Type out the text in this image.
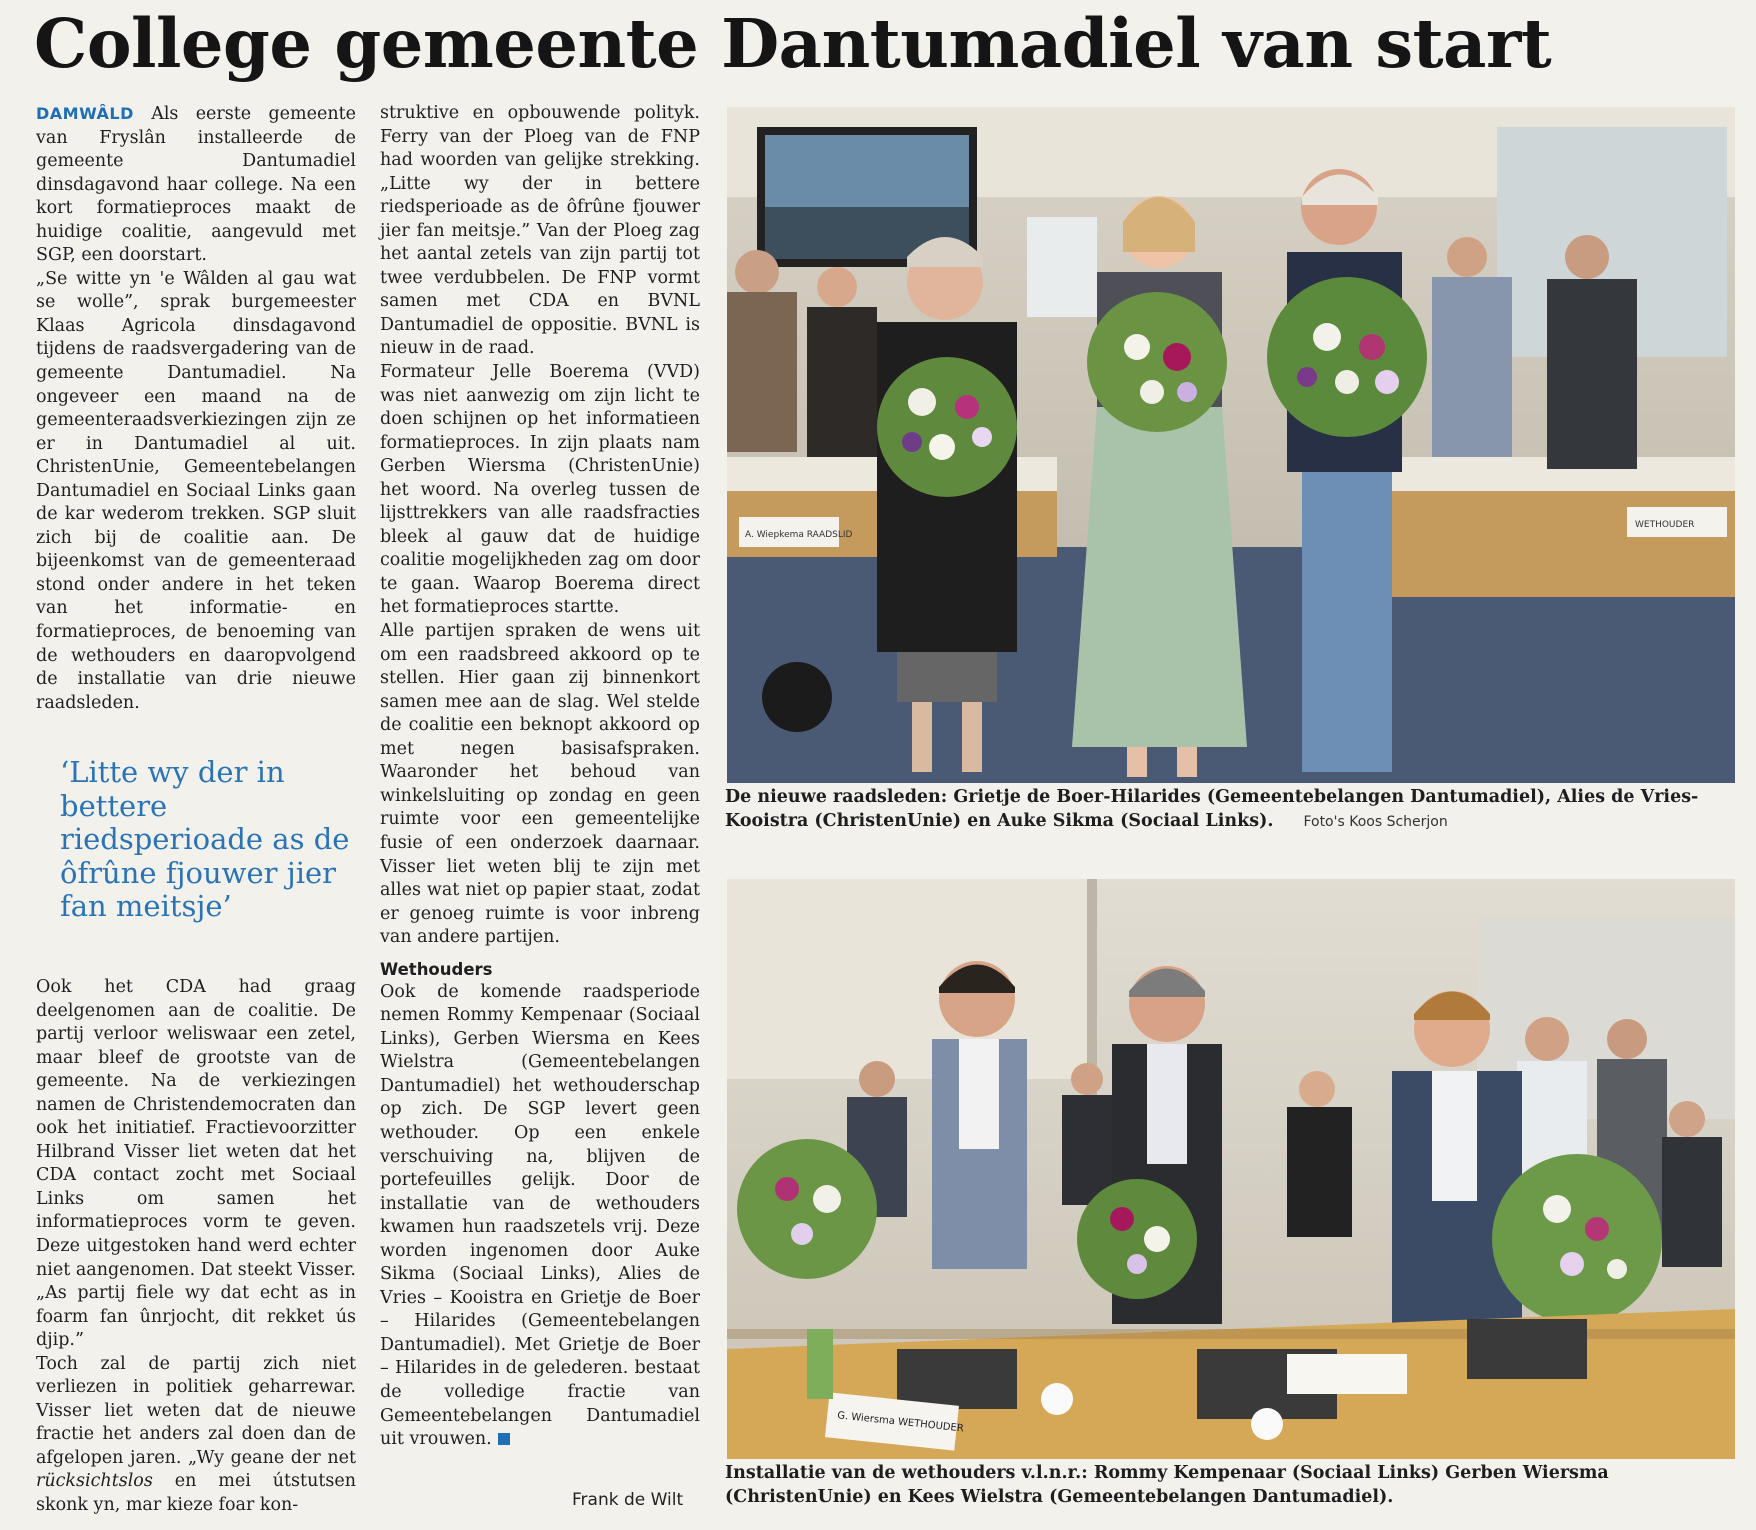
College gemeente Dantumadiel van start

DAMWÂLD Als eerste gemeente van Fryslân installeerde de gemeente Dantumadiel dinsdagavond haar college. Na een kort formatieproces maakt de huidige coalitie, aangevuld met SGP, een doorstart.

„Se witte yn 'e Wâlden al gau wat se wolle”, sprak burgemeester Klaas Agricola dinsdagavond tijdens de raadsvergadering van de gemeente Dantumadiel. Na ongeveer een maand na de gemeenteraadsverkiezingen zijn ze er in Dantumadiel al uit. ChristenUnie, Gemeentebelangen Dantumadiel en Sociaal Links gaan de kar wederom trekken. SGP sluit zich bij de coalitie aan. De bijeenkomst van de gemeenteraad stond onder andere in het teken van het informatie- en formatieproces, de benoeming van de wethouders en daaropvolgend de installatie van drie nieuwe raadsleden.

‘Litte wy der in bettere riedsperioade as de ôfrûne fjouwer jier fan meitsje’

Ook het CDA had graag deelgenomen aan de coalitie. De partij verloor weliswaar een zetel, maar bleef de grootste van de gemeente. Na de verkiezingen namen de Christendemocraten dan ook het initiatief. Fractievoorzitter Hilbrand Visser liet weten dat het CDA contact zocht met Sociaal Links om samen het informatieproces vorm te geven. Deze uitgestoken hand werd echter niet aangenomen. Dat steekt Visser. „As partij fiele wy dat echt as in foarm fan ûnrjocht, dit rekket ús djip.”

Toch zal de partij zich niet verliezen in politiek geharrewar. Visser liet weten dat de nieuwe fractie het anders zal doen dan de afgelopen jaren. „Wy geane der net rücksichtslos en mei útstutsen skonk yn, mar kieze foar kon-

struktive en opbouwende polityk. Ferry van der Ploeg van de FNP had woorden van gelijke strekking. „Litte wy der in bettere riedsperioade as de ôfrûne fjouwer jier fan meitsje.” Van der Ploeg zag het aantal zetels van zijn partij tot twee verdubbelen. De FNP vormt samen met CDA en BVNL Dantumadiel de oppositie. BVNL is nieuw in de raad.

Formateur Jelle Boerema (VVD) was niet aanwezig om zijn licht te doen schijnen op het informatieen formatieproces. In zijn plaats nam Gerben Wiersma (ChristenUnie) het woord. Na overleg tussen de lijsttrekkers van alle raadsfracties bleek al gauw dat de huidige coalitie mogelijkheden zag om door te gaan. Waarop Boerema direct het formatieproces startte.

Alle partijen spraken de wens uit om een raadsbreed akkoord op te stellen. Hier gaan zij binnenkort samen mee aan de slag. Wel stelde de coalitie een beknopt akkoord op met negen basisafspraken. Waaronder het behoud van winkelsluiting op zondag en geen ruimte voor een gemeentelijke fusie of een onderzoek daarnaar. Visser liet weten blij te zijn met alles wat niet op papier staat, zodat er genoeg ruimte is voor inbreng van andere partijen.

Wethouders

Ook de komende raadsperiode nemen Rommy Kempenaar (Sociaal Links), Gerben Wiersma en Kees Wielstra (Gemeentebelangen Dantumadiel) het wethouderschap op zich. De SGP levert geen wethouder. Op een enkele verschuiving na, blijven de portefeuilles gelijk. Door de installatie van de wethouders kwamen hun raadszetels vrij. Deze worden ingenomen door Auke Sikma (Sociaal Links), Alies de Vries – Kooistra en Grietje de Boer – Hilarides (Gemeentebelangen Dantumadiel). Met Grietje de Boer – Hilarides in de gelederen. bestaat de volledige fractie van Gemeentebelangen Dantumadiel uit vrouwen.

Frank de Wilt
A. Wiepkema RAADSLID
WETHOUDER
De nieuwe raadsleden: Grietje de Boer-Hilarides (Gemeentebelangen Dantumadiel), Alies de Vries-Kooistra (ChristenUnie) en Auke Sikma (Sociaal Links). Foto's Koos Scherjon
G. Wiersma WETHOUDER
Installatie van de wethouders v.l.n.r.: Rommy Kempenaar (Sociaal Links) Gerben Wiersma (ChristenUnie) en Kees Wielstra (Gemeentebelangen Dantumadiel).
